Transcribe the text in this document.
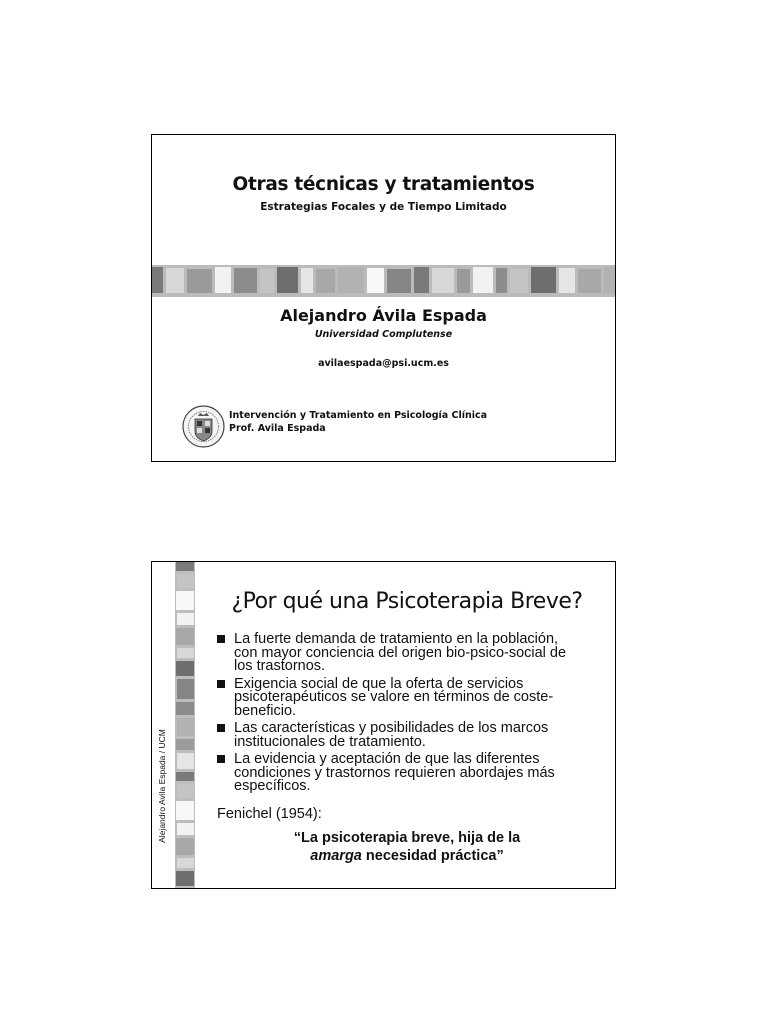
Otras técnicas y tratamientos
Estrategias Focales y de Tiempo Limitado
Alejandro Ávila Espada
Universidad Complutense
avilaespada@psi.ucm.es
Intervención y Tratamiento en Psicología Clínica
Prof. Avila Espada
Alejandro Avila Espada / UCM
¿Por qué una Psicoterapia Breve?
La fuerte demanda de tratamiento en la población,
con mayor conciencia del origen bio-psico-social de
los trastornos.
Exigencia social de que la oferta de servicios
psicoterapéuticos se valore en términos de coste-
beneficio.
Las características y posibilidades de los marcos
institucionales de tratamiento.
La evidencia y aceptación de que las diferentes
condiciones y trastornos requieren abordajes más
específicos.
Fenichel (1954):
“La psicoterapia breve, hija de la
amarga necesidad práctica”
